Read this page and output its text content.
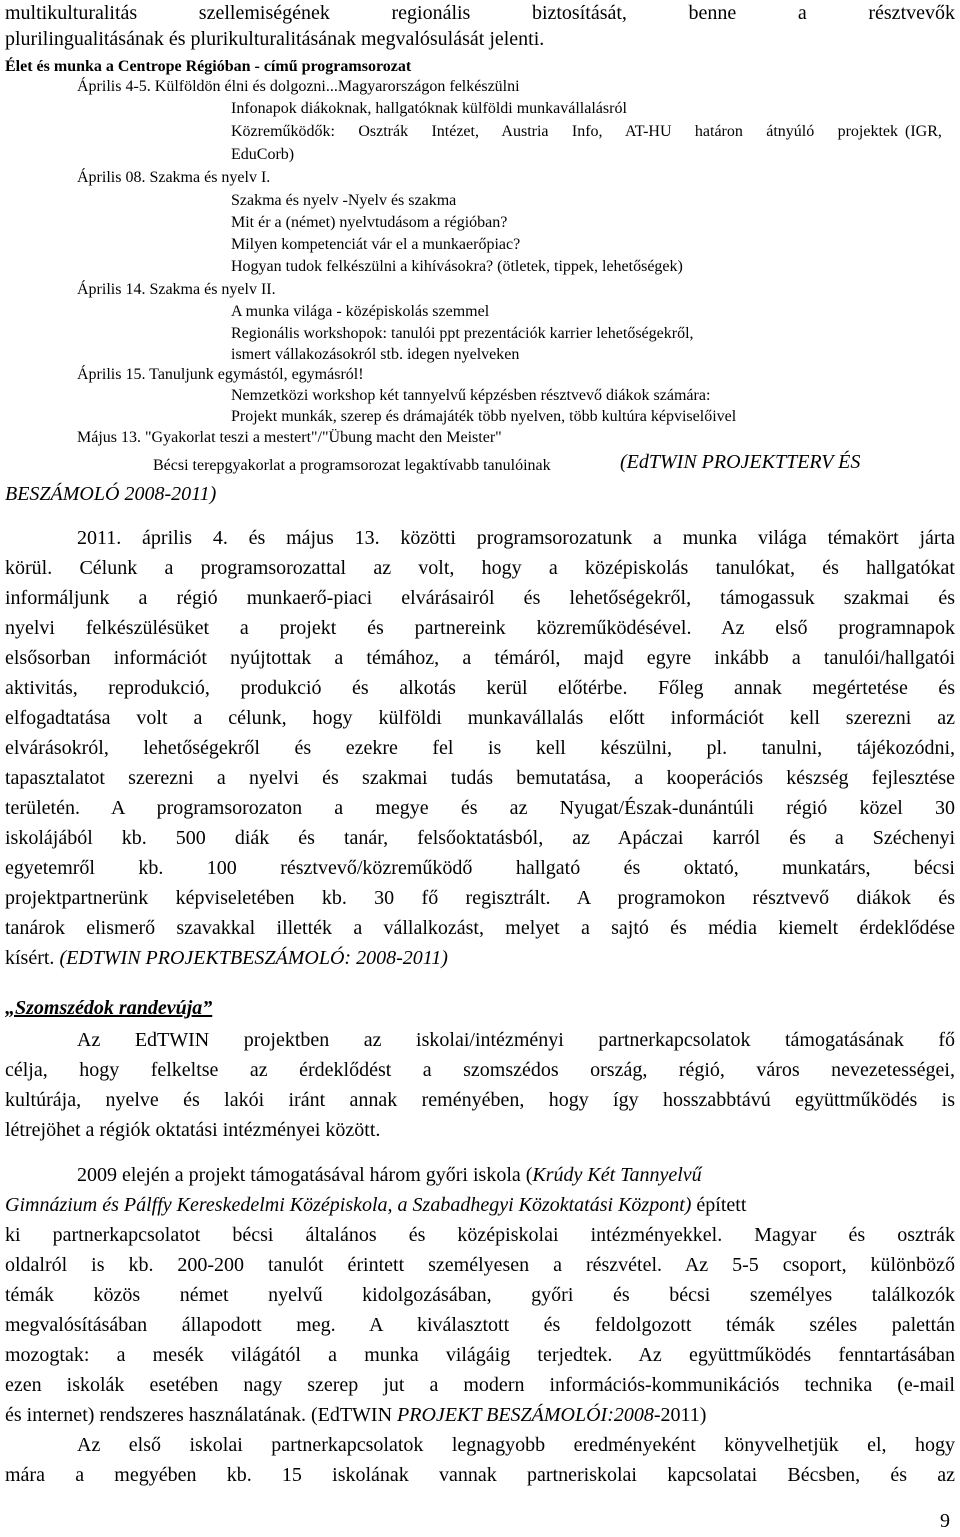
multikulturalitás szellemiségének regionális biztosítását, benne a résztvevők

plurilingualitásának és plurikulturalitásának megvalósulását jelenti.

Élet és munka a Centrope Régióban - című programsorozat

Április 4-5. Külföldön élni és dolgozni...Magyarországon felkészülni

Infonapok diákoknak, hallgatóknak külföldi munkavállalásról

Közreműködők: Osztrák Intézet, Austria Info, AT-HU határon átnyúló projektek (IGR,

EduCorb)

Április 08. Szakma és nyelv I.

Szakma és nyelv -Nyelv és szakma

Mit ér a (német) nyelvtudásom a régióban?

Milyen kompetenciát vár el a munkaerőpiac?

Hogyan tudok felkészülni a kihívásokra? (ötletek, tippek, lehetőségek)

Április 14. Szakma és nyelv II.

A munka világa - középiskolás szemmel

Regionális workshopok: tanulói ppt prezentációk karrier lehetőségekről,

ismert vállakozásokról stb. idegen nyelveken

Április 15. Tanuljunk egymástól, egymásról!

Nemzetközi workshop két tannyelvű képzésben résztvevő diákok számára:

Projekt munkák, szerep és drámajáték több nyelven, több kultúra képviselőivel

Május 13. "Gyakorlat teszi a mestert"/"Übung macht den Meister"

Bécsi terepgyakorlat a programsorozat legaktívabb tanulóinak	(EdTWIN PROJEKTTERV ÉS

BESZÁMOLÓ 2008-2011)

2011. április 4. és május 13. közötti programsorozatunk a munka világa témakört járta

körül. Célunk a programsorozattal az volt, hogy a középiskolás tanulókat, és hallgatókat

informáljunk a régió munkaerő-piaci elvárásairól és lehetőségekről, támogassuk szakmai és

nyelvi felkészülésüket a projekt és partnereink közreműködésével. Az első programnapok

elsősorban információt nyújtottak a témához, a témáról, majd egyre inkább a tanulói/hallgatói

aktivitás, reprodukció, produkció és alkotás kerül előtérbe. Főleg annak megértetése és

elfogadtatása volt a célunk, hogy külföldi munkavállalás előtt információt kell szerezni az

elvárásokról, lehetőségekről és ezekre fel is kell készülni, pl. tanulni, tájékozódni,

tapasztalatot szerezni a nyelvi és szakmai tudás bemutatása, a kooperációs készség fejlesztése

területén. A programsorozaton a megye és az Nyugat/Észak-dunántúli régió közel 30

iskolájából kb. 500 diák és tanár, felsőoktatásból, az Apáczai karról és a Széchenyi

egyetemről kb. 100 résztvevő/közreműködő hallgató és oktató, munkatárs, bécsi

projektpartnerünk képviseletében kb. 30 fő regisztrált. A programokon résztvevő diákok és

tanárok elismerő szavakkal illették a vállalkozást, melyet a sajtó és média kiemelt érdeklődése

kísért. (EDTWIN PROJEKTBESZÁMOLÓ: 2008-2011)

„Szomszédok randevúja”

Az EdTWIN projektben az iskolai/intézményi partnerkapcsolatok támogatásának fő

célja, hogy felkeltse az érdeklődést a szomszédos ország, régió, város nevezetességei,

kultúrája, nyelve és lakói iránt annak reményében, hogy így hosszabbtávú együttműködés is

létrejöhet a régiók oktatási intézményei között.

2009 elején a projekt támogatásával három győri iskola (Krúdy Két Tannyelvű

Gimnázium és Pálffy Kereskedelmi Középiskola, a Szabadhegyi Közoktatási Központ) épített

ki partnerkapcsolatot bécsi általános és középiskolai intézményekkel. Magyar és osztrák

oldalról is kb. 200-200 tanulót érintett személyesen a részvétel. Az 5-5 csoport, különböző

témák közös német nyelvű kidolgozásában, győri és bécsi személyes találkozók

megvalósításában állapodott meg. A kiválasztott és feldolgozott témák széles palettán

mozogtak: a mesék világától a munka világáig terjedtek. Az együttműködés fenntartásában

ezen iskolák esetében nagy szerep jut a modern információs-kommunikációs technika (e-mail

és internet) rendszeres használatának. (EdTWIN PROJEKT BESZÁMOLÓI:2008-2011)

Az első iskolai partnerkapcsolatok legnagyobb eredményeként könyvelhetjük el, hogy

mára a megyében kb. 15 iskolának vannak partneriskolai kapcsolatai Bécsben, és az

9
